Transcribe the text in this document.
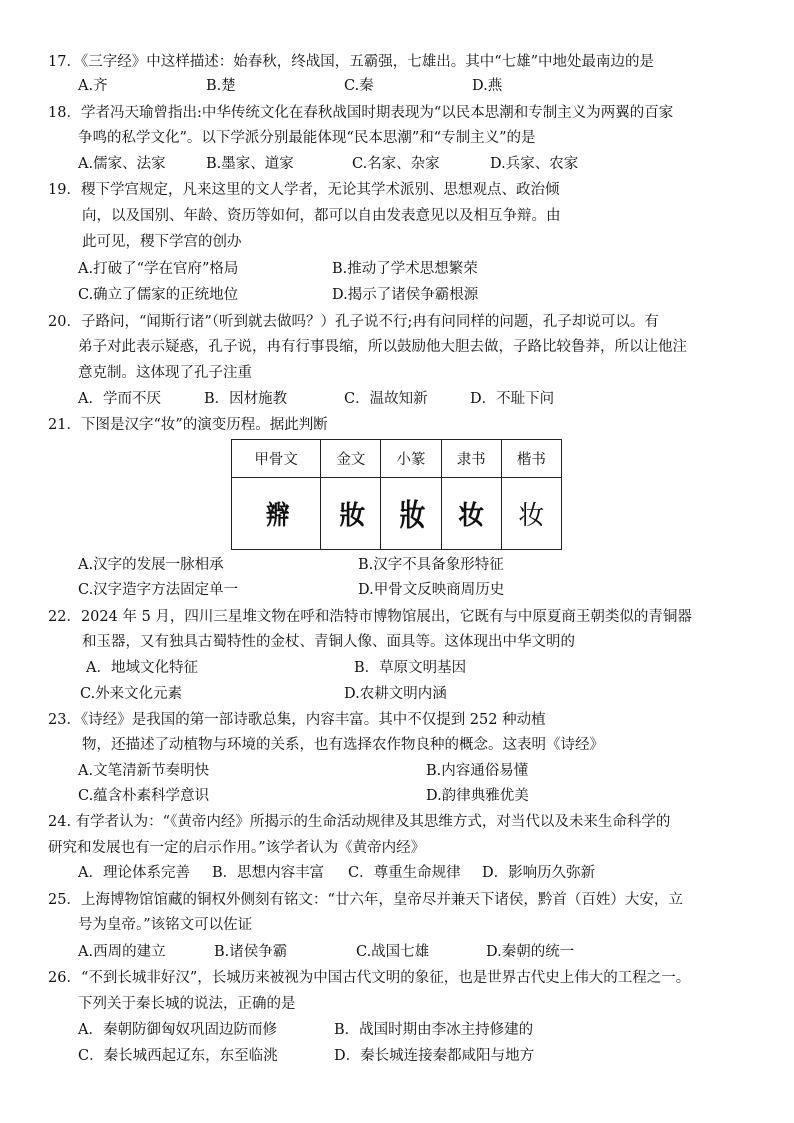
17．《三字经》中这样描述：始春秋，终战国，五霸强，七雄出。其中“七雄”中地处最南边的是
A.齐	B.楚	C.秦	D.燕
18．学者冯天瑜曾指出:中华传统文化在春秋战国时期表现为“以民本思潮和专制主义为两翼的百家
争鸣的私学文化”。以下学派分别最能体现“民本思潮”和“专制主义”的是
A.儒家、法家	B.墨家、道家	C.名家、杂家	D.兵家、农家
19．稷下学宫规定，凡来这里的文人学者，无论其学术派别、思想观点、政治倾
向，以及国别、年龄、资历等如何，都可以自由发表意见以及相互争辩。由
此可见，稷下学宫的创办
A.打破了“学在官府”格局	B.推动了学术思想繁荣
C.确立了儒家的正统地位	D.揭示了诸侯争霸根源
20．子路问，“闻斯行诸”（听到就去做吗？）孔子说不行;冉有问同样的问题，孔子却说可以。有
弟子对此表示疑惑，孔子说，冉有行事畏缩，所以鼓励他大胆去做，子路比较鲁莽，所以让他注
意克制。这体现了孔子注重
A．学而不厌	B．因材施教	C．温故知新	D．不耻下问
21．下图是汉字“妆”的演变历程。据此判断
甲骨文	金文	小篆	隶书	楷书
㸤	妝	妝	妆	妆
A.汉字的发展一脉相承	B.汉字不具备象形特征
C.汉字造字方法固定单一	D.甲骨文反映商周历史
22．2024 年 5 月，四川三星堆文物在呼和浩特市博物馆展出，它既有与中原夏商王朝类似的青铜器
和玉器，又有独具古蜀特性的金杖、青铜人像、面具等。这体现出中华文明的
A．地域文化特征	B．草原文明基因
C.外来文化元素	D.农耕文明内涵
23．《诗经》是我国的第一部诗歌总集，内容丰富。其中不仅提到 252 种动植
物，还描述了动植物与环境的关系，也有选择农作物良种的概念。这表明《诗经》
A.文笔清新节奏明快	B.内容通俗易懂
C.蕴含朴素科学意识	D.韵律典雅优美
24. 有学者认为：“《黄帝内经》所揭示的生命活动规律及其思维方式，对当代以及未来生命科学的
研究和发展也有一定的启示作用。”该学者认为《黄帝内经》
A．理论体系完善 B．思想内容丰富 C．尊重生命规律 D．影响历久弥新
25．上海博物馆馆藏的铜权外侧刻有铭文：“廿六年，皇帝尽并兼天下诸侯，黔首（百姓）大安，立
号为皇帝。”该铭文可以佐证
A.西周的建立	B.诸侯争霸	C.战国七雄	D.秦朝的统一
26．“不到长城非好汉”，长城历来被视为中国古代文明的象征，也是世界古代史上伟大的工程之一。
下列关于秦长城的说法，正确的是
A．秦朝防御匈奴巩固边防而修	B．战国时期由李冰主持修建的
C．秦长城西起辽东，东至临洮	D．秦长城连接秦都咸阳与地方
